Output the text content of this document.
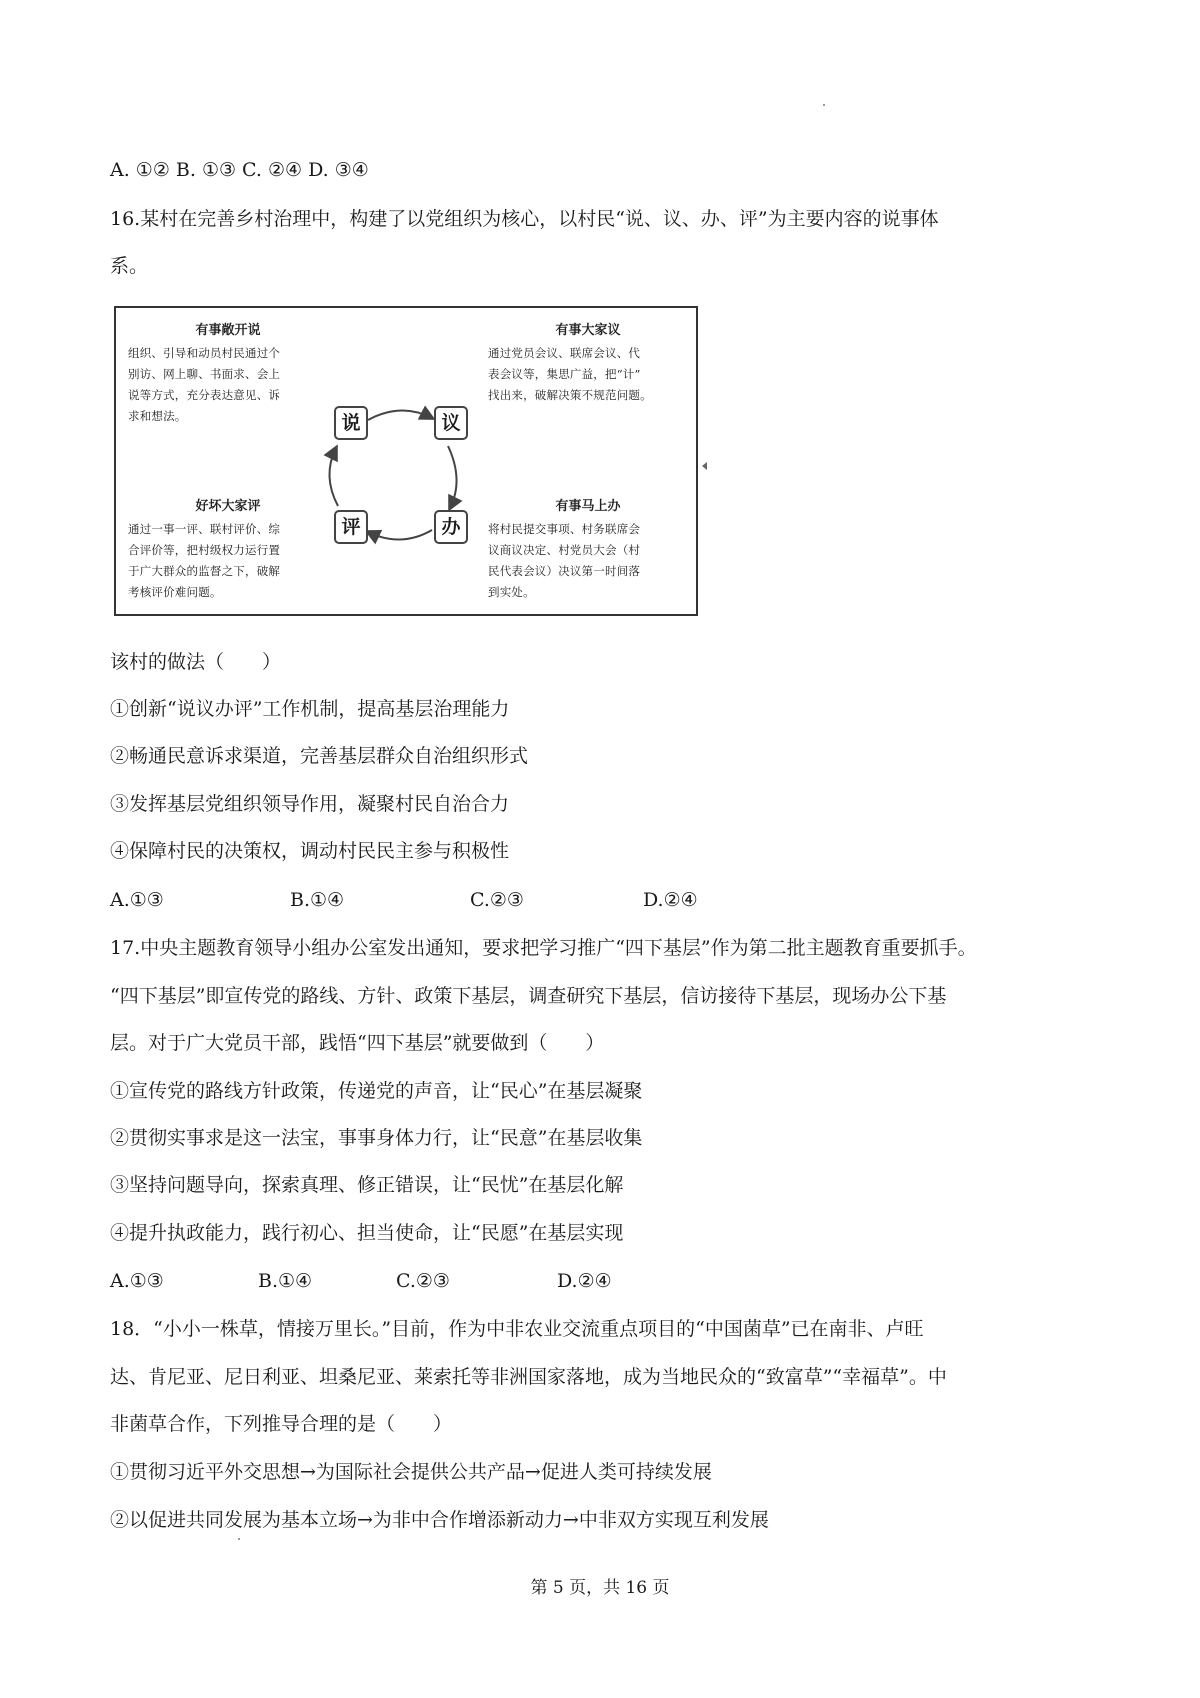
A. ①② B. ①③ C. ②④ D. ③④
16.某村在完善乡村治理中，构建了以党组织为核心，以村民“说、议、办、评”为主要内容的说事体
系。
有事敞开说
组织、引导和动员村民通过个
别访、网上聊、书面求、会上
说等方式，充分表达意见、诉
求和想法。
有事大家议
通过党员会议、联席会议、代
表会议等，集思广益，把“计”
找出来，破解决策不规范问题。
好坏大家评
通过一事一评、联村评价、综
合评价等，把村级权力运行置
于广大群众的监督之下，破解
考核评价难问题。
有事马上办
将村民提交事项、村务联席会
议商议决定、村党员大会（村
民代表会议）决议第一时间落
到实处。
说	议
办
评
该村的做法（　　）
①创新“说议办评”工作机制，提高基层治理能力
②畅通民意诉求渠道，完善基层群众自治组织形式
③发挥基层党组织领导作用，凝聚村民自治合力
④保障村民的决策权，调动村民民主参与积极性
A.①③	B.①④	C.②③	D.②④
17.中央主题教育领导小组办公室发出通知，要求把学习推广“四下基层”作为第二批主题教育重要抓手。
“四下基层”即宣传党的路线、方针、政策下基层，调查研究下基层，信访接待下基层，现场办公下基
层。对于广大党员干部，践悟“四下基层”就要做到（　　）
①宣传党的路线方针政策，传递党的声音，让“民心”在基层凝聚
②贯彻实事求是这一法宝，事事身体力行，让“民意”在基层收集
③坚持问题导向，探索真理、修正错误，让“民忧”在基层化解
④提升执政能力，践行初心、担当使命，让“民愿”在基层实现
A.①③	B.①④	C.②③	D.②④
18．“小小一株草，情接万里长。”目前，作为中非农业交流重点项目的“中国菌草”已在南非、卢旺
达、肯尼亚、尼日利亚、坦桑尼亚、莱索托等非洲国家落地，成为当地民众的“致富草”“幸福草”。中
非菌草合作，下列推导合理的是（　　）
①贯彻习近平外交思想→为国际社会提供公共产品→促进人类可持续发展
②以促进共同发展为基本立场→为非中合作增添新动力→中非双方实现互利发展
第 5 页，共 16 页
